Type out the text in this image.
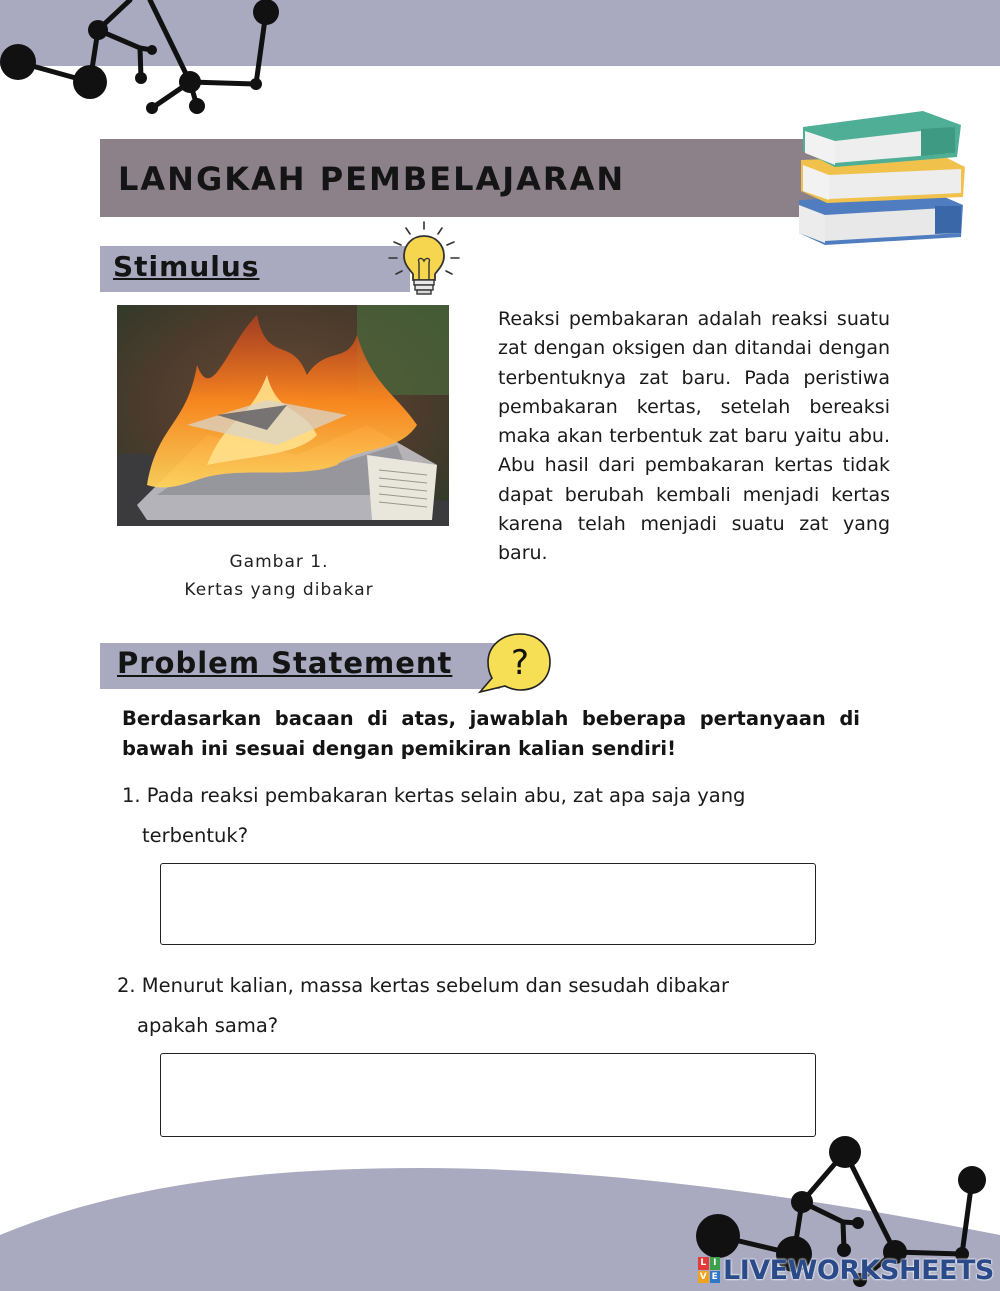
LANGKAH PEMBELAJARAN
Stimulus
Gambar 1.
Kertas yang dibakar
Reaksi pembakaran adalah reaksi suatu zat dengan oksigen dan ditandai dengan terbentuknya zat baru. Pada peristiwa pembakaran kertas, setelah bereaksi maka akan terbentuk zat baru yaitu abu. Abu hasil dari pembakaran kertas tidak dapat berubah kembali menjadi kertas karena telah menjadi suatu zat yang baru.
Problem Statement ?
Berdasarkan bacaan di atas, jawablah beberapa pertanyaan di bawah ini sesuai dengan pemikiran kalian sendiri!
1. Pada reaksi pembakaran kertas selain abu, zat apa saja yang
terbentuk?
2. Menurut kalian, massa kertas sebelum dan sesudah dibakar
apakah sama?
L I
V E LIVEWORKSHEETS
